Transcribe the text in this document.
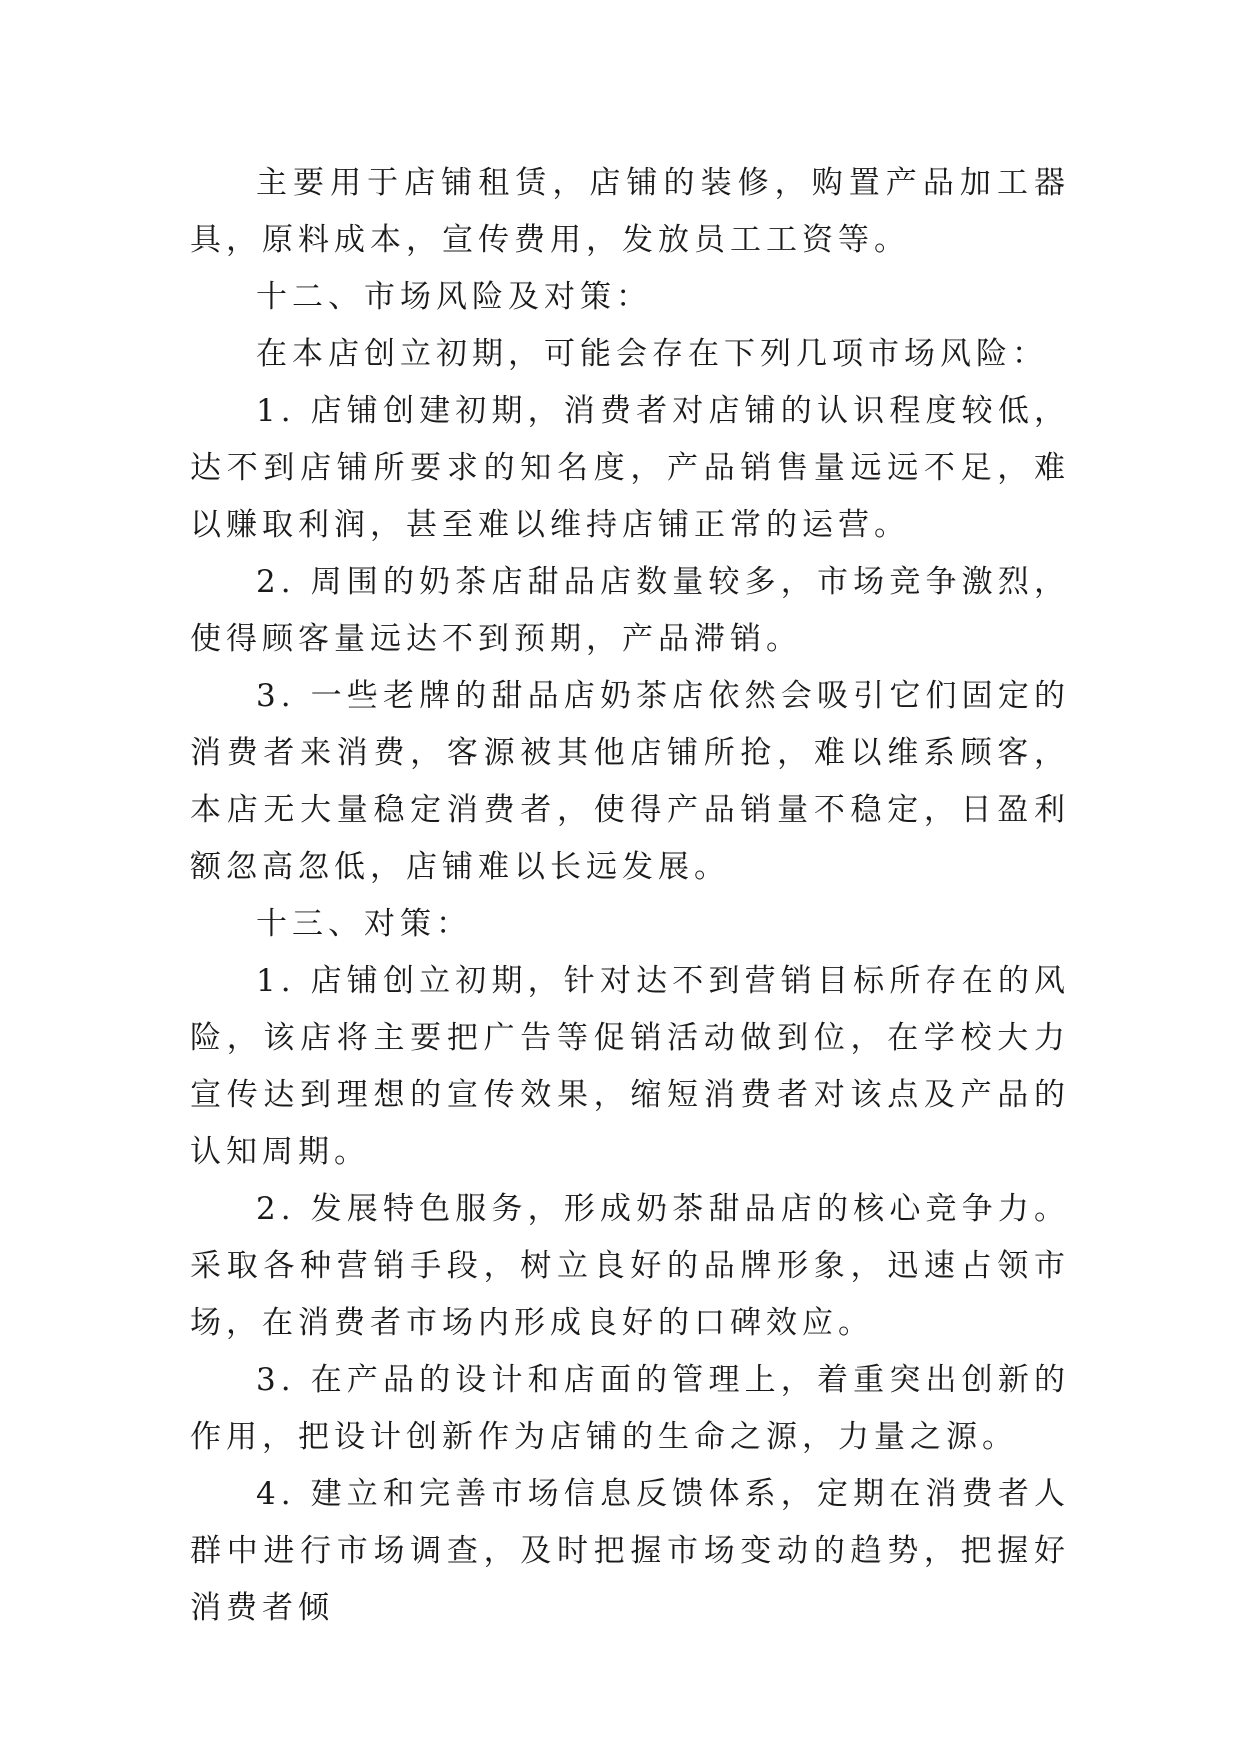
主要用于店铺租赁，店铺的装修，购置产品加工器具，原料成本，宣传费用，发放员工工资等。

十二、市场风险及对策：

在本店创立初期，可能会存在下列几项市场风险：

1. 店铺创建初期，消费者对店铺的认识程度较低，达不到店铺所要求的知名度，产品销售量远远不足，难以赚取利润，甚至难以维持店铺正常的运营。

2. 周围的奶茶店甜品店数量较多，市场竞争激烈，使得顾客量远达不到预期，产品滞销。

3. 一些老牌的甜品店奶茶店依然会吸引它们固定的消费者来消费，客源被其他店铺所抢，难以维系顾客，本店无大量稳定消费者，使得产品销量不稳定，日盈利额忽高忽低，店铺难以长远发展。

十三、对策：

1. 店铺创立初期，针对达不到营销目标所存在的风险，该店将主要把广告等促销活动做到位，在学校大力宣传达到理想的宣传效果，缩短消费者对该点及产品的认知周期。

2. 发展特色服务，形成奶茶甜品店的核心竞争力。采取各种营销手段，树立良好的品牌形象，迅速占领市场，在消费者市场内形成良好的口碑效应。

3. 在产品的设计和店面的管理上，着重突出创新的作用，把设计创新作为店铺的生命之源，力量之源。

4. 建立和完善市场信息反馈体系，定期在消费者人群中进行市场调查，及时把握市场变动的趋势，把握好消费者倾
